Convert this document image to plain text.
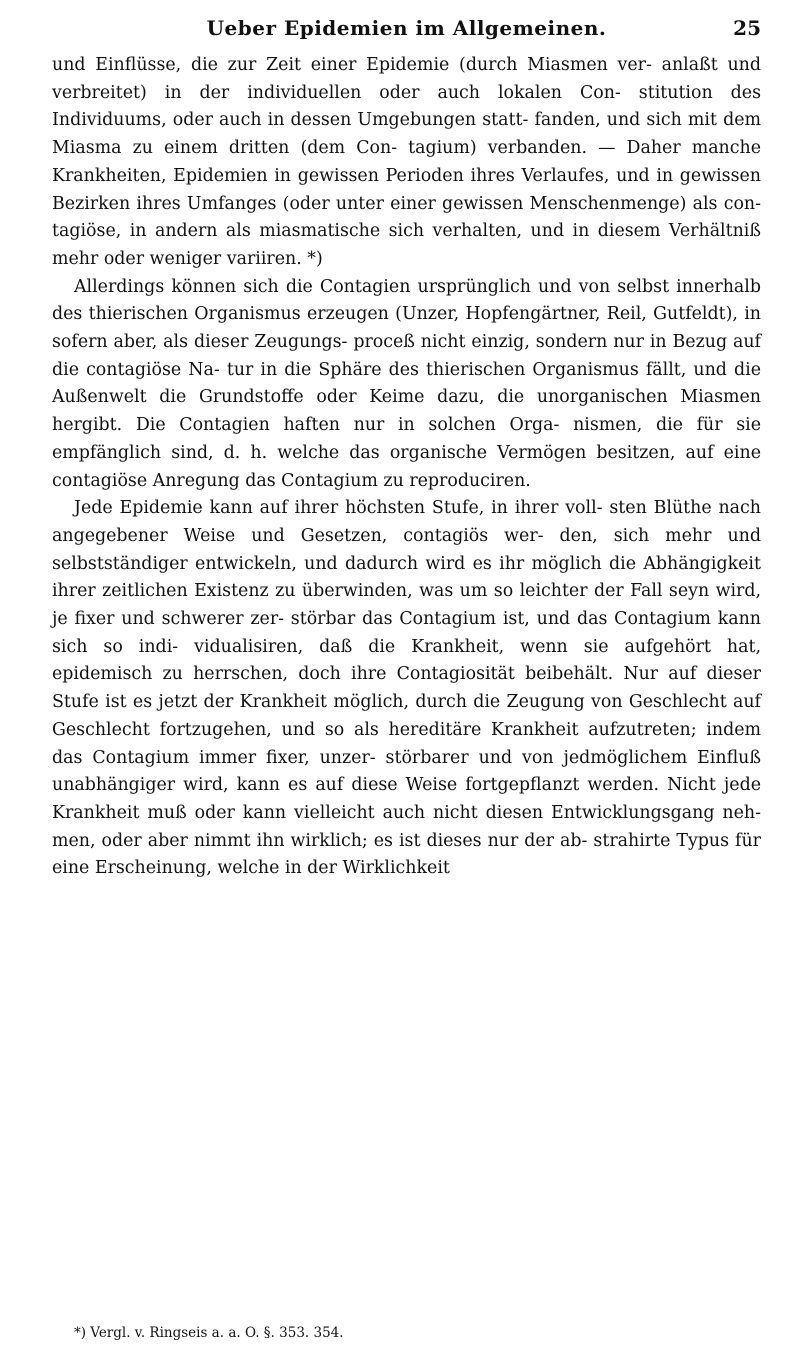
Ueber Epidemien im Allgemeinen.	25

und Einflüsse, die zur Zeit einer Epidemie (durch Miasmen ver- anlaßt und verbreitet) in der individuellen oder auch lokalen Con- stitution des Individuums, oder auch in dessen Umgebungen statt- fanden, und sich mit dem Miasma zu einem dritten (dem Con- tagium) verbanden. — Daher manche Krankheiten, Epidemien in gewissen Perioden ihres Verlaufes, und in gewissen Bezirken ihres Umfanges (oder unter einer gewissen Menschenmenge) als con- tagiöse, in andern als miasmatische sich verhalten, und in diesem Verhältniß mehr oder weniger variiren. *)

Allerdings können sich die Contagien ursprünglich und von selbst innerhalb des thierischen Organismus erzeugen (Unzer, Hopfengärtner, Reil, Gutfeldt), in sofern aber, als dieser Zeugungs- proceß nicht einzig, sondern nur in Bezug auf die contagiöse Na- tur in die Sphäre des thierischen Organismus fällt, und die Außenwelt die Grundstoffe oder Keime dazu, die unorganischen Miasmen hergibt. Die Contagien haften nur in solchen Orga- nismen, die für sie empfänglich sind, d. h. welche das organische Vermögen besitzen, auf eine contagiöse Anregung das Contagium zu reproduciren.

Jede Epidemie kann auf ihrer höchsten Stufe, in ihrer voll- sten Blüthe nach angegebener Weise und Gesetzen, contagiös wer- den, sich mehr und selbstständiger entwickeln, und dadurch wird es ihr möglich die Abhängigkeit ihrer zeitlichen Existenz zu überwinden, was um so leichter der Fall seyn wird, je fixer und schwerer zer- störbar das Contagium ist, und das Contagium kann sich so indi- vidualisiren, daß die Krankheit, wenn sie aufgehört hat, epidemisch zu herrschen, doch ihre Contagiosität beibehält. Nur auf dieser Stufe ist es jetzt der Krankheit möglich, durch die Zeugung von Geschlecht auf Geschlecht fortzugehen, und so als hereditäre Krankheit aufzutreten; indem das Contagium immer fixer, unzer- störbarer und von jedmöglichem Einfluß unabhängiger wird, kann es auf diese Weise fortgepflanzt werden. Nicht jede Krankheit muß oder kann vielleicht auch nicht diesen Entwicklungsgang neh- men, oder aber nimmt ihn wirklich; es ist dieses nur der ab- strahirte Typus für eine Erscheinung, welche in der Wirklichkeit

*) Vergl. v. Ringseis a. a. O. §. 353. 354.
